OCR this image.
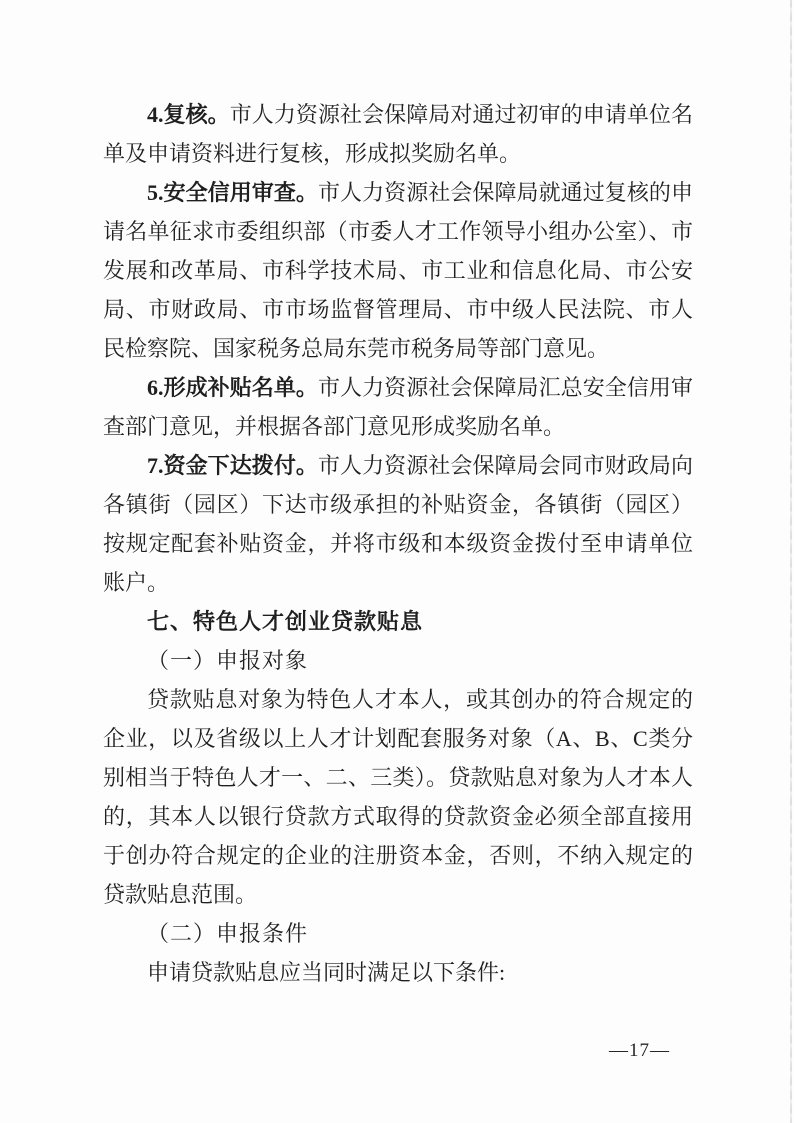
4.复核。市人力资源社会保障局对通过初审的申请单位名单及申请资料进行复核，形成拟奖励名单。

5.安全信用审查。市人力资源社会保障局就通过复核的申请名单征求市委组织部（市委人才工作领导小组办公室）、市发展和改革局、市科学技术局、市工业和信息化局、市公安局、市财政局、市市场监督管理局、市中级人民法院、市人民检察院、国家税务总局东莞市税务局等部门意见。

6.形成补贴名单。市人力资源社会保障局汇总安全信用审查部门意见，并根据各部门意见形成奖励名单。

7.资金下达拨付。市人力资源社会保障局会同市财政局向各镇街（园区）下达市级承担的补贴资金，各镇街（园区）按规定配套补贴资金，并将市级和本级资金拨付至申请单位账户。

七、特色人才创业贷款贴息

（一）申报对象

贷款贴息对象为特色人才本人，或其创办的符合规定的企业，以及省级以上人才计划配套服务对象（A、B、C类分别相当于特色人才一、二、三类）。贷款贴息对象为人才本人的，其本人以银行贷款方式取得的贷款资金必须全部直接用于创办符合规定的企业的注册资本金，否则，不纳入规定的贷款贴息范围。

（二）申报条件

申请贷款贴息应当同时满足以下条件:

—17—
